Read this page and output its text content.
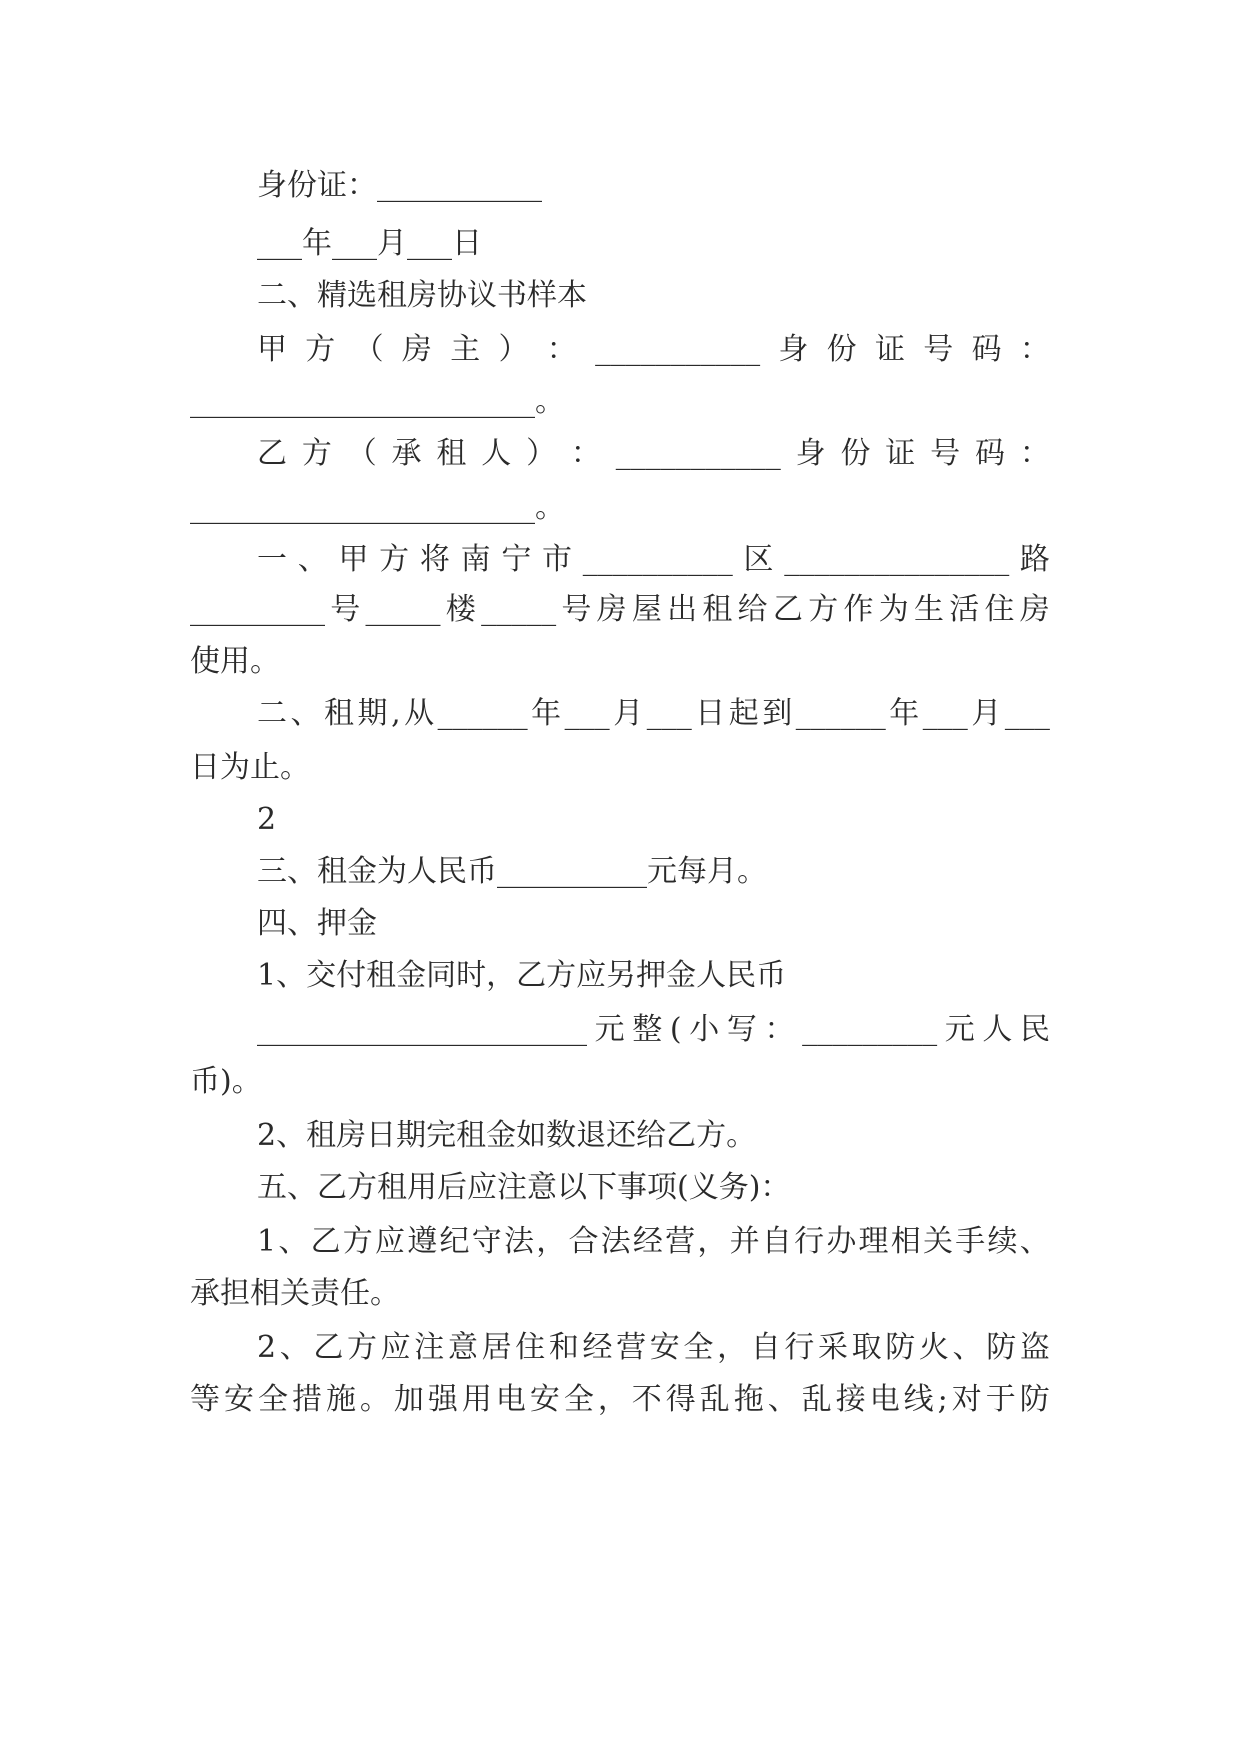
身份证：___________
___年___月___日
二、精选租房协议书样本
甲 方 （ 房 主 ） ： ___________ 身 份 证 号 码 ：
_______________________。
乙 方 （ 承 租 人 ） ： ___________ 身 份 证 号 码 ：
_______________________。
一 、 甲 方 将 南 宁 市 __________ 区 _______________ 路
_________ 号 _____ 楼 _____ 号 房 屋 出 租 给 乙 方 作 为 生 活 住 房
使用。
二 、 租 期 , 从 ______ 年 ___ 月 ___ 日 起 到 ______ 年 ___ 月 ___
日为止。
2
三、租金为人民币__________元每月。
四、押金
1、交付租金同时，乙方应另押金人民币
______________________ 元 整 ( 小 写 ： _________ 元 人 民
币)。
2、租房日期完租金如数退还给乙方。
五、乙方租用后应注意以下事项(义务)：
1 、 乙 方 应 遵 纪 守 法 ， 合 法 经 营 ， 并 自 行 办 理 相 关 手 续 、
承担相关责任。
2 、 乙 方 应 注 意 居 住 和 经 营 安 全 ， 自 行 采 取 防 火 、 防 盗
等 安 全 措 施 。 加 强 用 电 安 全 ， 不 得 乱 拖 、 乱 接 电 线 ; 对 于 防
